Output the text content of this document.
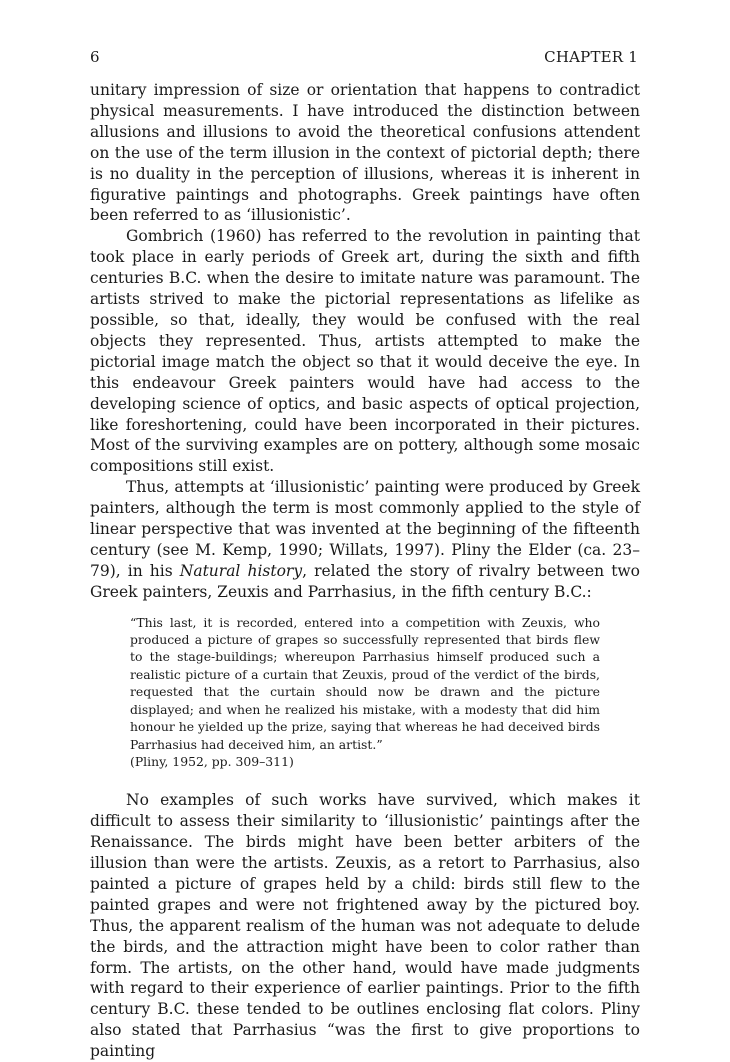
6	CHAPTER 1

unitary impression of size or orientation that happens to contradict physical measurements. I have introduced the distinction between allusions and illusions to avoid the theoretical confusions attendent on the use of the term illusion in the context of pictorial depth; there is no duality in the perception of illusions, whereas it is inherent in figurative paintings and photographs. Greek paintings have often been referred to as ‘illusionistic’.

Gombrich (1960) has referred to the revolution in painting that took place in early periods of Greek art, during the sixth and fifth centuries B.C. when the desire to imitate nature was paramount. The artists strived to make the pictorial representations as lifelike as possible, so that, ideally, they would be confused with the real objects they represented. Thus, artists attempted to make the pictorial image match the object so that it would deceive the eye. In this endeavour Greek painters would have had access to the developing science of optics, and basic aspects of optical projection, like foreshortening, could have been incorporated in their pictures. Most of the surviving examples are on pottery, although some mosaic compositions still exist.

Thus, attempts at ‘illusionistic’ painting were produced by Greek painters, although the term is most commonly applied to the style of linear perspective that was invented at the beginning of the fifteenth century (see M. Kemp, 1990; Willats, 1997). Pliny the Elder (ca. 23–79), in his Natural history, related the story of rivalry between two Greek painters, Zeuxis and Parrhasius, in the fifth century B.C.:

“This last, it is recorded, entered into a competition with Zeuxis, who produced a picture of grapes so successfully represented that birds flew to the stage-buildings; whereupon Parrhasius himself produced such a realistic picture of a curtain that Zeuxis, proud of the verdict of the birds, requested that the curtain should now be drawn and the picture displayed; and when he realized his mistake, with a modesty that did him honour he yielded up the prize, saying that whereas he had deceived birds Parrhasius had deceived him, an artist.”
(Pliny, 1952, pp. 309–311)

No examples of such works have survived, which makes it difficult to assess their similarity to ‘illusionistic’ paintings after the Renaissance. The birds might have been better arbiters of the illusion than were the artists. Zeuxis, as a retort to Parrhasius, also painted a picture of grapes held by a child: birds still flew to the painted grapes and were not frightened away by the pictured boy. Thus, the apparent realism of the human was not adequate to delude the birds, and the attraction might have been to color rather than form. The artists, on the other hand, would have made judgments with regard to their experience of earlier paintings. Prior to the fifth century B.C. these tended to be outlines enclosing flat colors. Pliny also stated that Parrhasius “was the first to give proportions to painting
